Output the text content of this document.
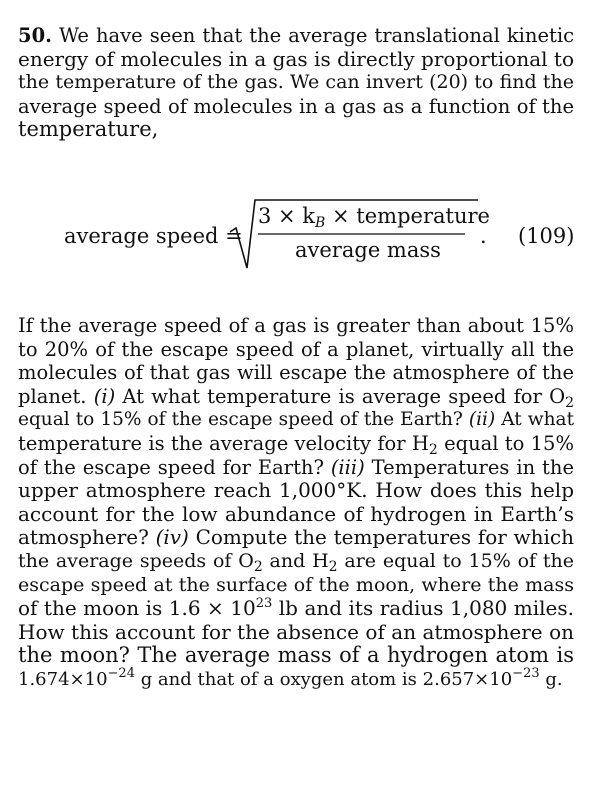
50. We have seen that the average translational kinetic
energy of molecules in a gas is directly proportional to
the temperature of the gas. We can invert (20) to find the
average speed of molecules in a gas as a function of the
temperature,
average speed =
$3 \times k_B$ × temperature
average mass
. (109)
If the average speed of a gas is greater than about 15%
to 20% of the escape speed of a planet, virtually all the
molecules of that gas will escape the atmosphere of the
planet. (i) At what temperature is average speed for $O_2$
equal to 15% of the escape speed of the Earth? (ii) At what
temperature is the average velocity for $H_2$ equal to 15%
of the escape speed for Earth? (iii) Temperatures in the
upper atmosphere reach 1,000°K. How does this help
account for the low abundance of hydrogen in Earth’s
atmosphere? (iv) Compute the temperatures for which
the average speeds of $O_2$ and $H_2$ are equal to 15% of the
escape speed at the surface of the moon, where the mass
of the moon is $1.6 \times 10^{23}$ lb and its radius 1,080 miles.
How this account for the absence of an atmosphere on
the moon? The average mass of a hydrogen atom is
$1.674\times 10^{-24}$ g and that of a oxygen atom is $2.657\times 10^{-23}$ g.
